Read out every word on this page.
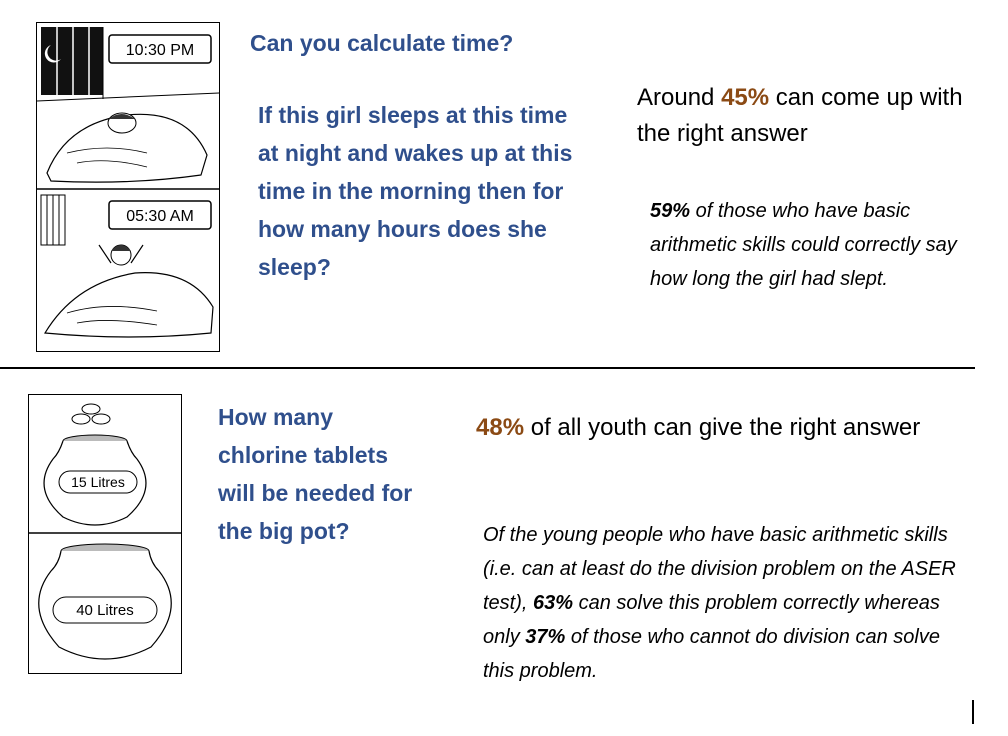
10:30 PM
05:30 AM
Can you calculate time?
If this girl sleeps at this time at night and wakes up at this time in the morning then for how many hours does she sleep?
Around 45% can come up with the right answer
59% of those who have basic arithmetic skills could correctly say how long the girl had slept.
15 Litres
40 Litres
How many chlorine tablets will be needed for the big pot?
48% of all youth can give the right answer
Of the young people who have basic arithmetic skills (i.e. can at least do the division problem on the ASER test), 63% can solve this problem correctly whereas only 37% of those who cannot do division can solve this problem.
